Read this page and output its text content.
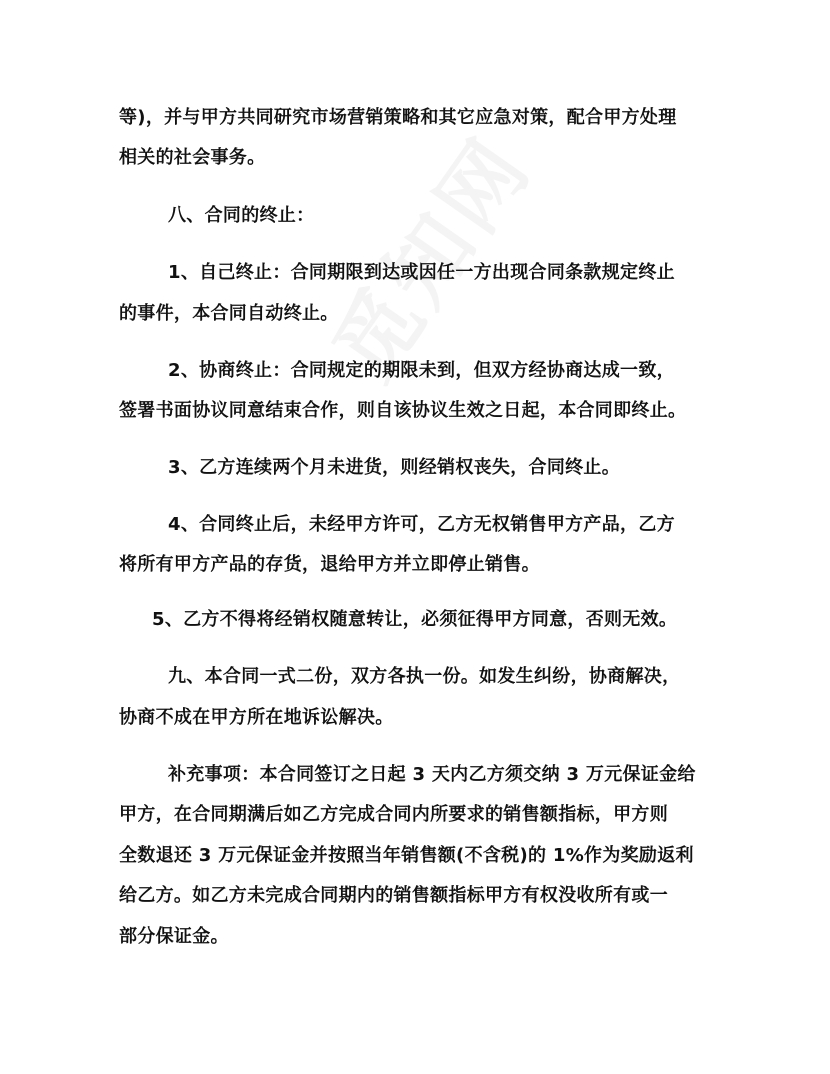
等)，并与甲方共同研究市场营销策略和其它应急对策，配合甲方处理

相关的社会事务。

八、合同的终止：

1、自己终止：合同期限到达或因任一方出现合同条款规定终止

的事件，本合同自动终止。

2、协商终止：合同规定的期限未到，但双方经协商达成一致，

签署书面协议同意结束合作，则自该协议生效之日起，本合同即终止。

3、乙方连续两个月未进货，则经销权丧失，合同终止。

4、合同终止后，未经甲方许可，乙方无权销售甲方产品，乙方

将所有甲方产品的存货，退给甲方并立即停止销售。

5、乙方不得将经销权随意转让，必须征得甲方同意，否则无效。

九、本合同一式二份，双方各执一份。如发生纠纷，协商解决，

协商不成在甲方所在地诉讼解决。

补充事项：本合同签订之日起 3 天内乙方须交纳 3 万元保证金给

甲方，在合同期满后如乙方完成合同内所要求的销售额指标，甲方则

全数退还 3 万元保证金并按照当年销售额(不含税)的 1%作为奖励返利

给乙方。如乙方未完成合同期内的销售额指标甲方有权没收所有或一

部分保证金。
